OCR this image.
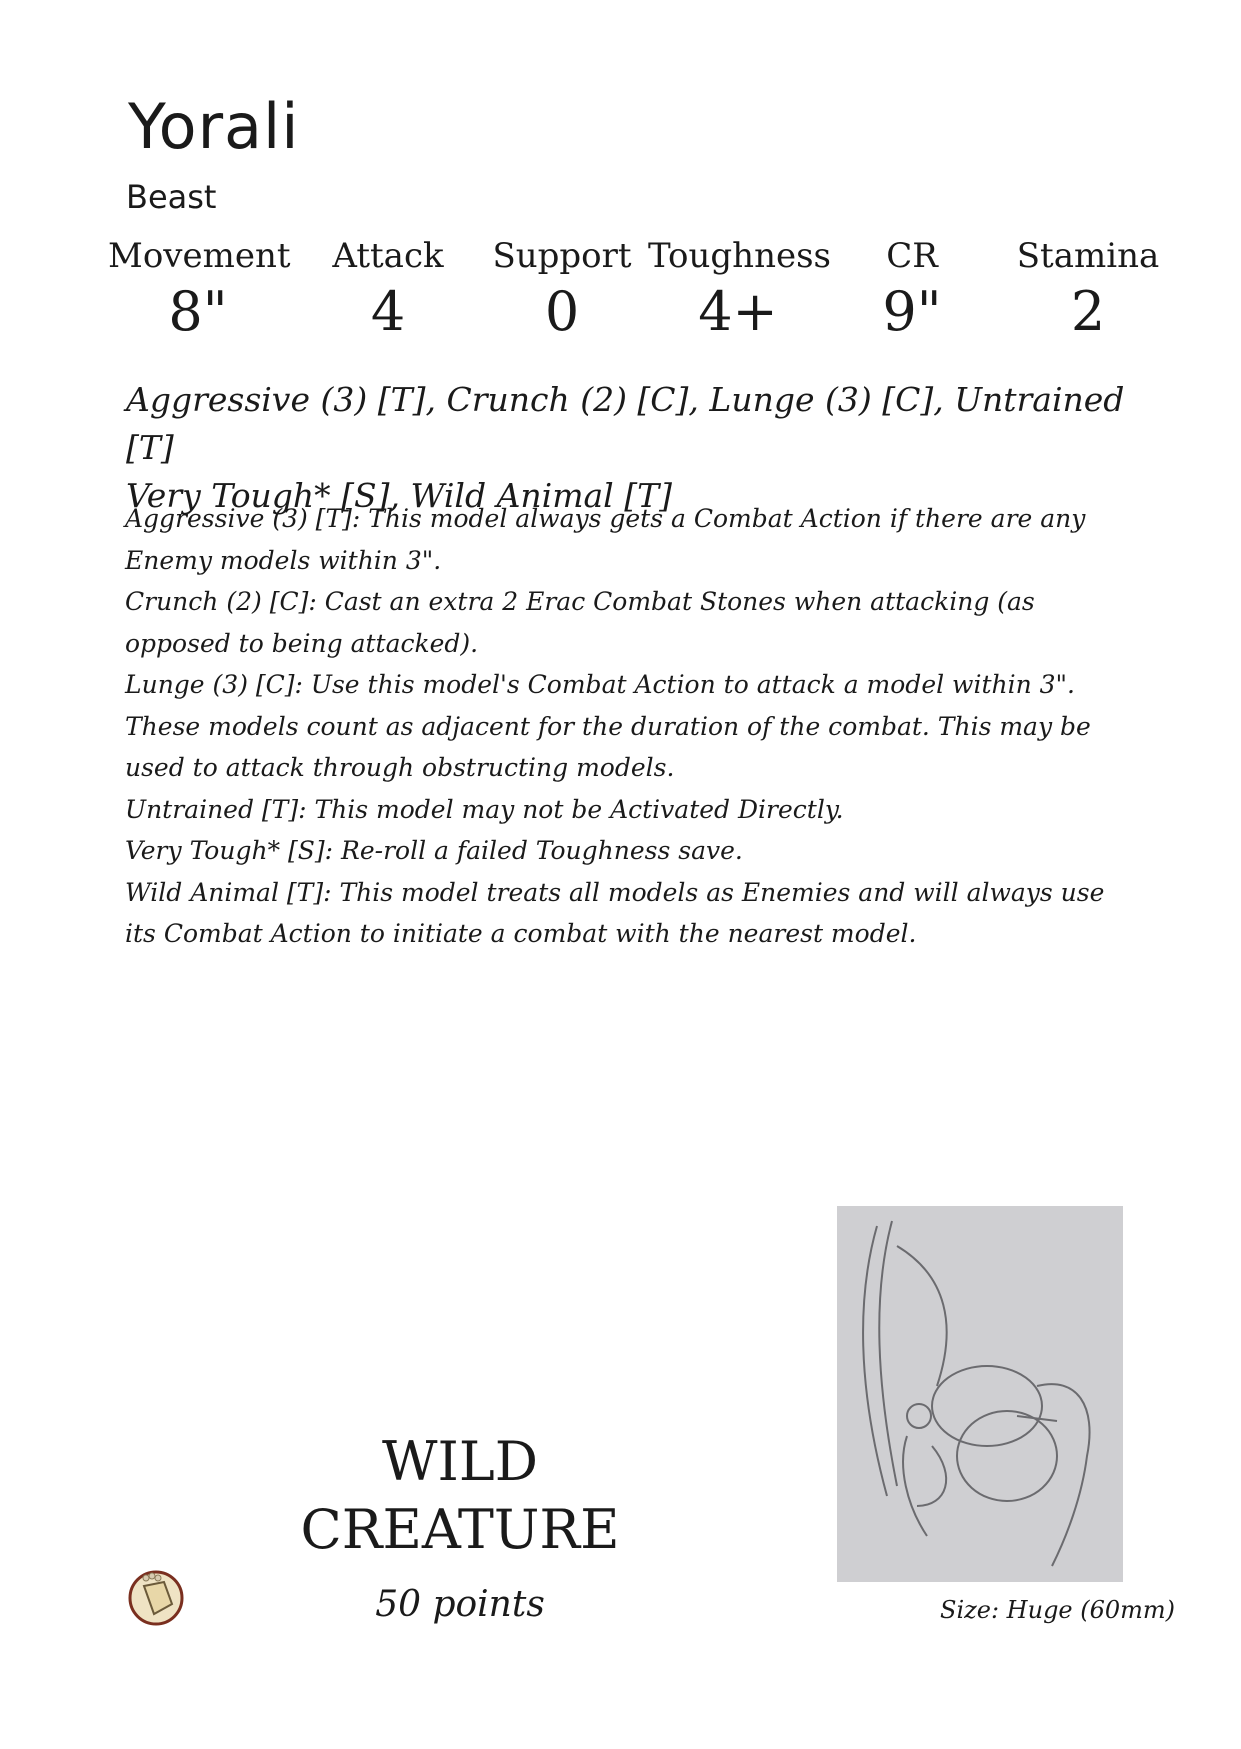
Yorali
Beast
Movement
8"
Attack
4
Support
0
Toughness
4+
CR
9"
Stamina
2
Aggressive (3) [T], Crunch (2) [C], Lunge (3) [C], Untrained [T]
Very Tough* [S], Wild Animal [T]

Aggressive (3) [T]: This model always gets a Combat Action if there are any Enemy models within 3".

Crunch (2) [C]: Cast an extra 2 Erac Combat Stones when attacking (as opposed to being attacked).

Lunge (3) [C]: Use this model's Combat Action to attack a model within 3". These models count as adjacent for the duration of the combat. This may be used to attack through obstructing models.

Untrained [T]: This model may not be Activated Directly.

Very Tough* [S]: Re-roll a failed Toughness save.

Wild Animal [T]: This model treats all models as Enemies and will always use its Combat Action to initiate a combat with the nearest model.

WILD
CREATURE
50 points	Size: Huge (60mm)
